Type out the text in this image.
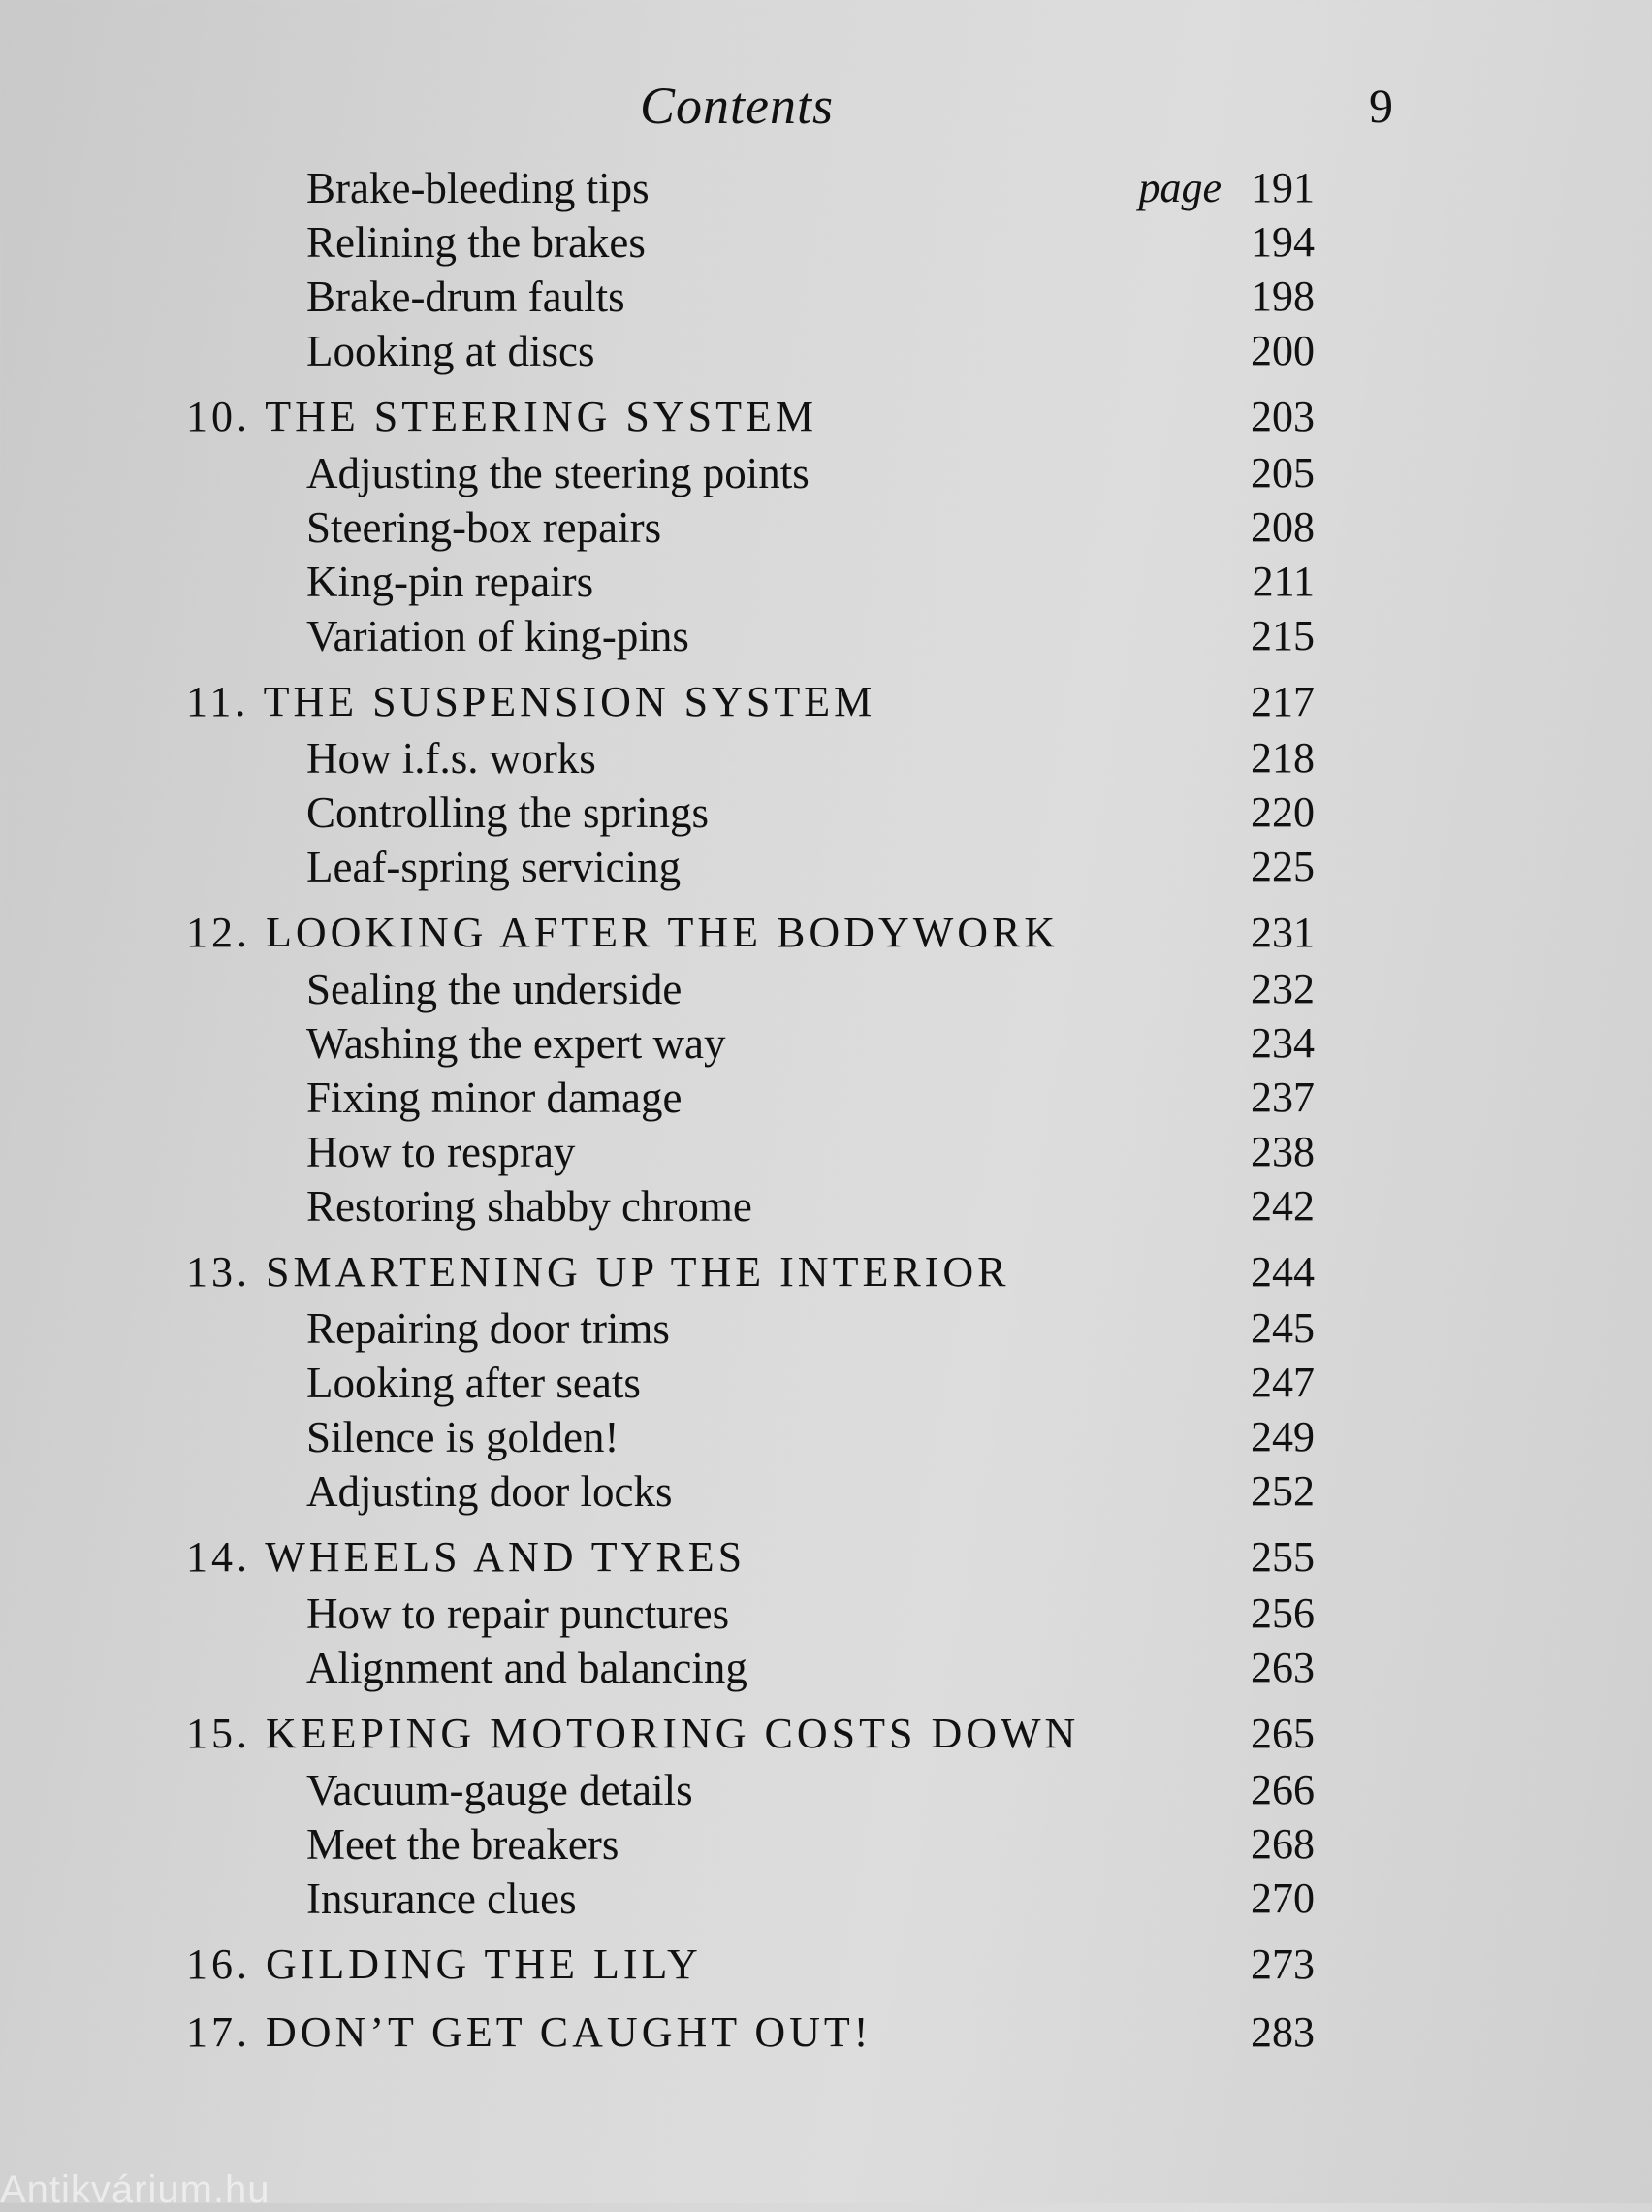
Contents	9
Brake-bleeding tips	page 191
Relining the brakes	194
Brake-drum faults	198
Looking at discs	200
10. THE STEERING SYSTEM	203
Adjusting the steering points	205
Steering-box repairs	208
King-pin repairs	211
Variation of king-pins	215
11. THE SUSPENSION SYSTEM	217
How i.f.s. works	218
Controlling the springs	220
Leaf-spring servicing	225
12. LOOKING AFTER THE BODYWORK	231
Sealing the underside	232
Washing the expert way	234
Fixing minor damage	237
How to respray	238
Restoring shabby chrome	242
13. SMARTENING UP THE INTERIOR	244
Repairing door trims	245
Looking after seats	247
Silence is golden!	249
Adjusting door locks	252
14. WHEELS AND TYRES	255
How to repair punctures	256
Alignment and balancing	263
15. KEEPING MOTORING COSTS DOWN	265
Vacuum-gauge details	266
Meet the breakers	268
Insurance clues	270
16. GILDING THE LILY	273
17. DON’T GET CAUGHT OUT!	283
Antikvárium.hu
